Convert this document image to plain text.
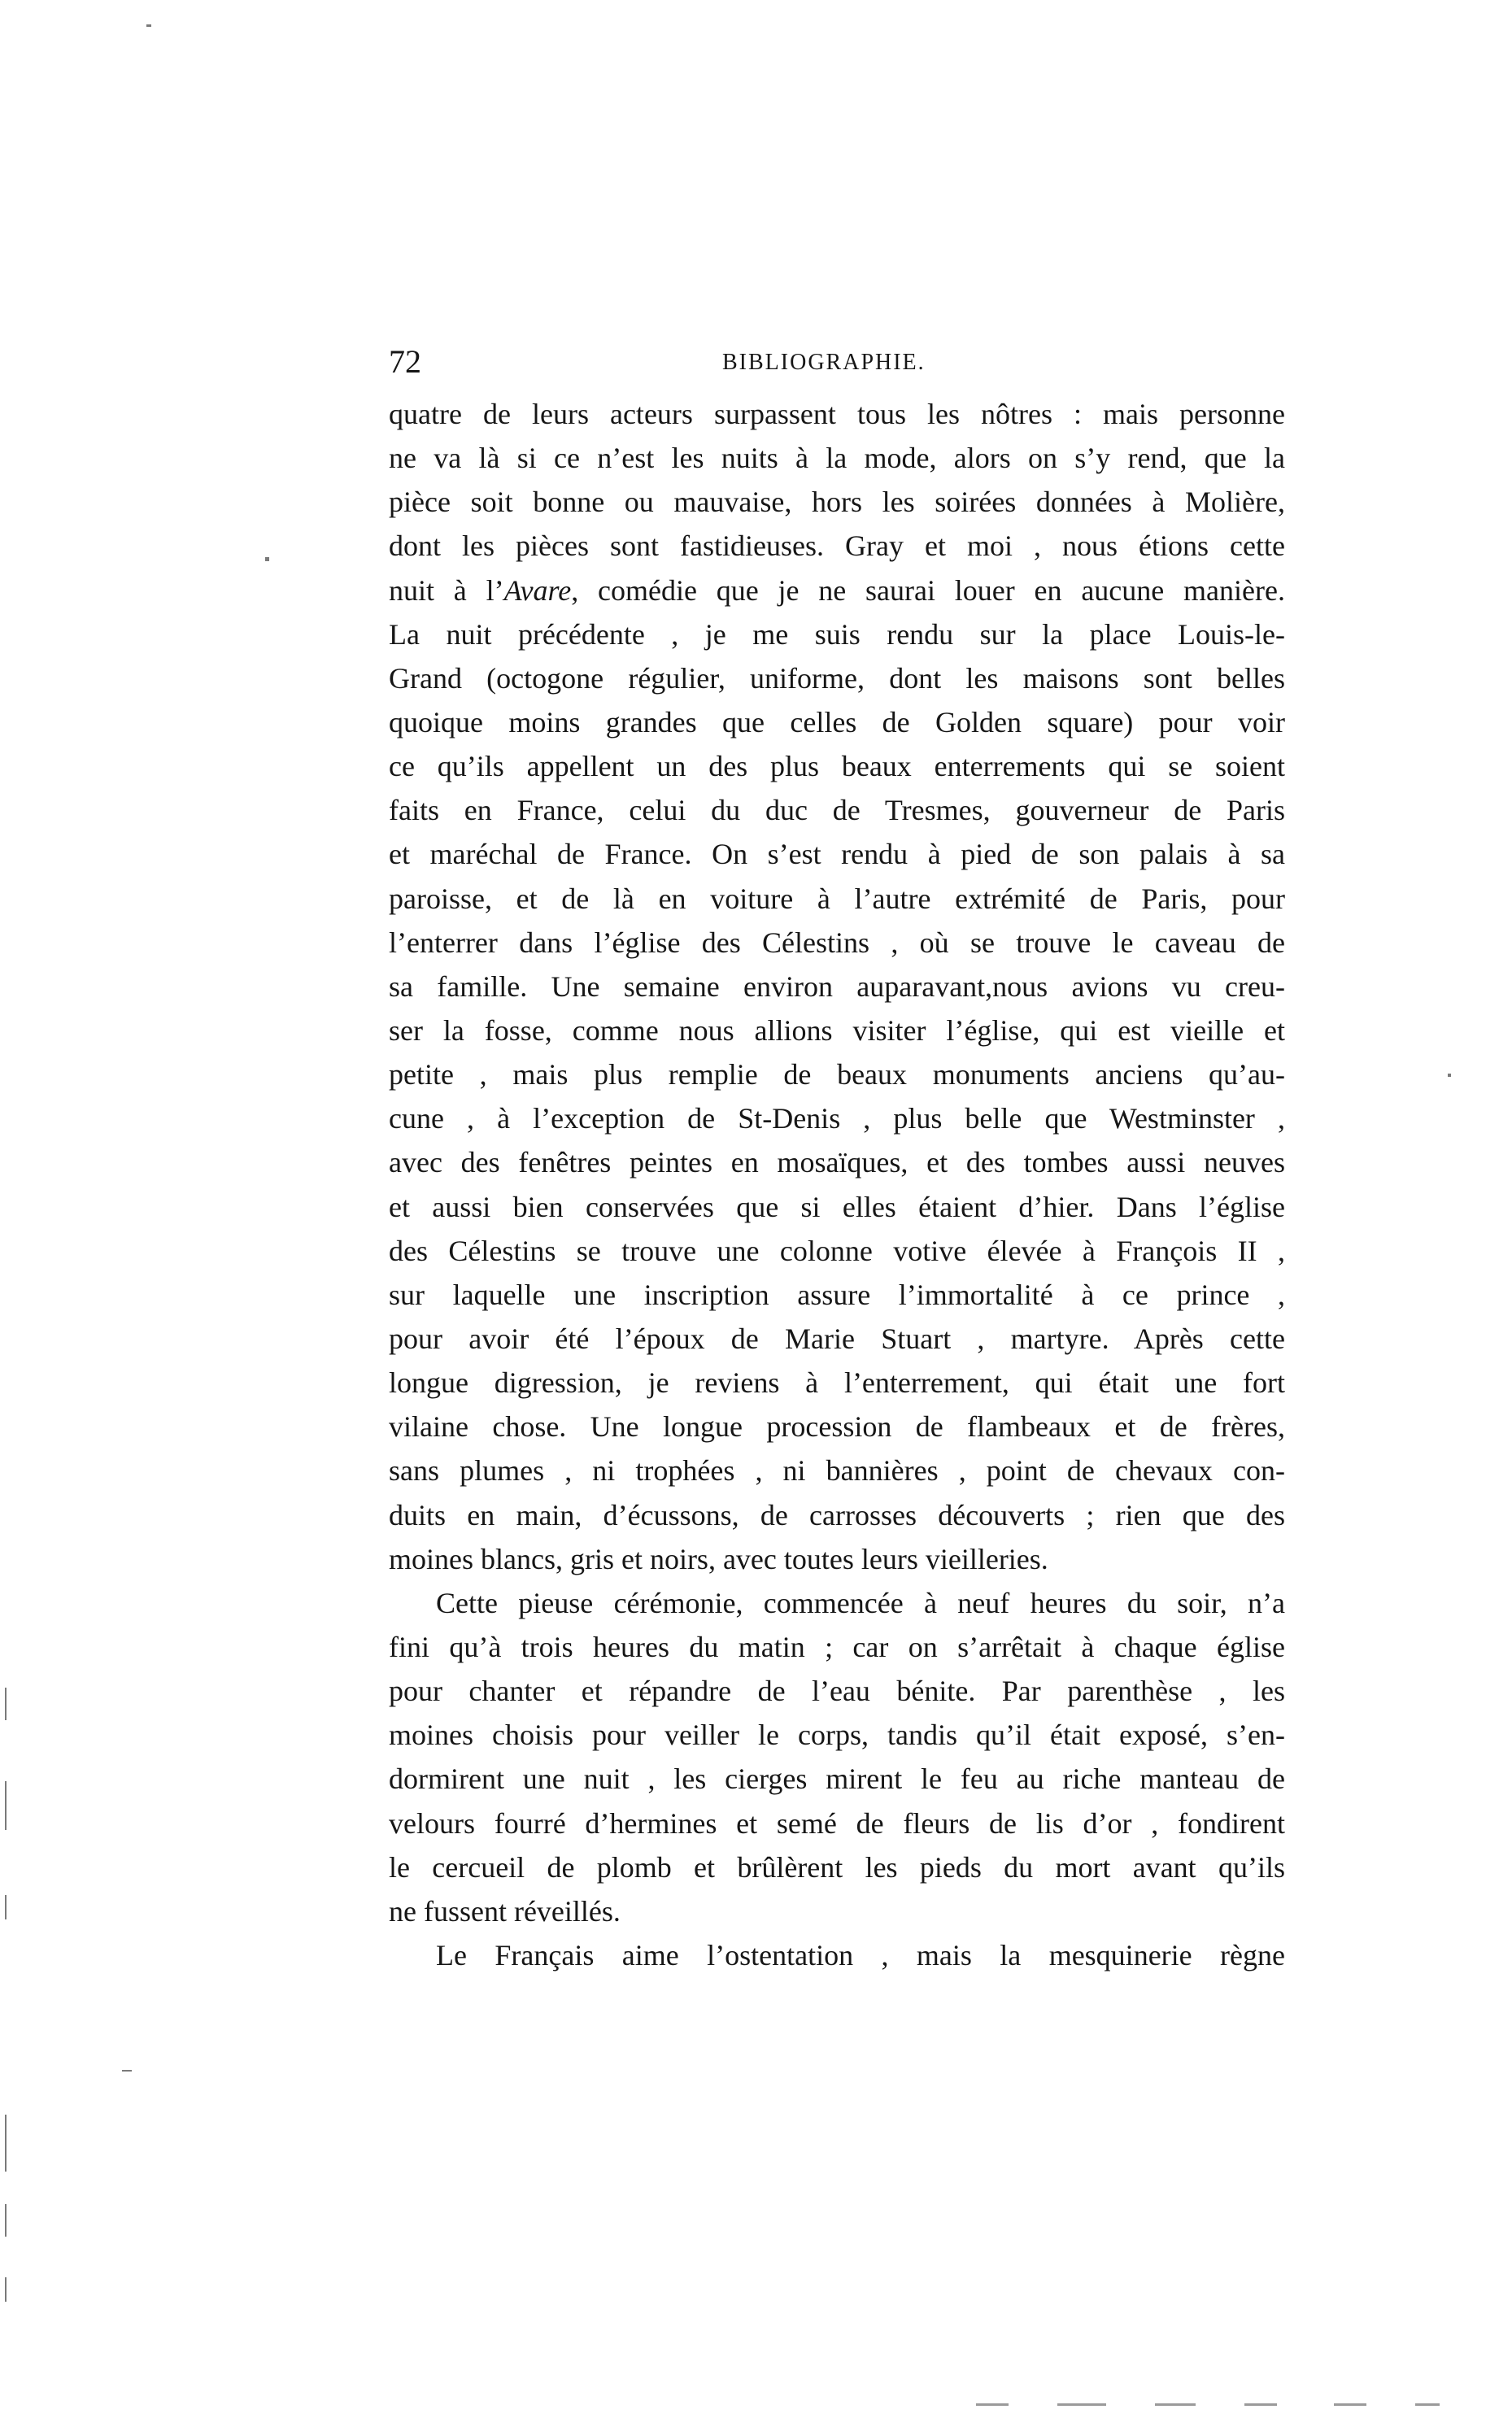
72	BIBLIOGRAPHIE.
quatre de leurs acteurs surpassent tous les nôtres : mais personne
ne va là si ce n’est les nuits à la mode, alors on s’y rend, que la
pièce soit bonne ou mauvaise, hors les soirées données à Molière,
dont les pièces sont fastidieuses. Gray et moi , nous étions cette
nuit à l’Avare, comédie que je ne saurai louer en aucune manière.
La nuit précédente , je me suis rendu sur la place Louis-le-
Grand (octogone régulier, uniforme, dont les maisons sont belles
quoique moins grandes que celles de Golden square) pour voir
ce qu’ils appellent un des plus beaux enterrements qui se soient
faits en France, celui du duc de Tresmes, gouverneur de Paris
et maréchal de France. On s’est rendu à pied de son palais à sa
paroisse, et de là en voiture à l’autre extrémité de Paris, pour
l’enterrer dans l’église des Célestins , où se trouve le caveau de
sa famille. Une semaine environ auparavant,nous avions vu creu-
ser la fosse, comme nous allions visiter l’église, qui est vieille et
petite , mais plus remplie de beaux monuments anciens qu’au-
cune , à l’exception de St-Denis , plus belle que Westminster ,
avec des fenêtres peintes en mosaïques, et des tombes aussi neuves
et aussi bien conservées que si elles étaient d’hier. Dans l’église
des Célestins se trouve une colonne votive élevée à François II ,
sur laquelle une inscription assure l’immortalité à ce prince ,
pour avoir été l’époux de Marie Stuart , martyre. Après cette
longue digression, je reviens à l’enterrement, qui était une fort
vilaine chose. Une longue procession de flambeaux et de frères,
sans plumes , ni trophées , ni bannières , point de chevaux con-
duits en main, d’écussons, de carrosses découverts ; rien que des
moines blancs, gris et noirs, avec toutes leurs vieilleries.
Cette pieuse cérémonie, commencée à neuf heures du soir, n’a
fini qu’à trois heures du matin ; car on s’arrêtait à chaque église
pour chanter et répandre de l’eau bénite. Par parenthèse , les
moines choisis pour veiller le corps, tandis qu’il était exposé, s’en-
dormirent une nuit , les cierges mirent le feu au riche manteau de
velours fourré d’hermines et semé de fleurs de lis d’or , fondirent
le cercueil de plomb et brûlèrent les pieds du mort avant qu’ils
ne fussent réveillés.
Le Français aime l’ostentation , mais la mesquinerie règne
